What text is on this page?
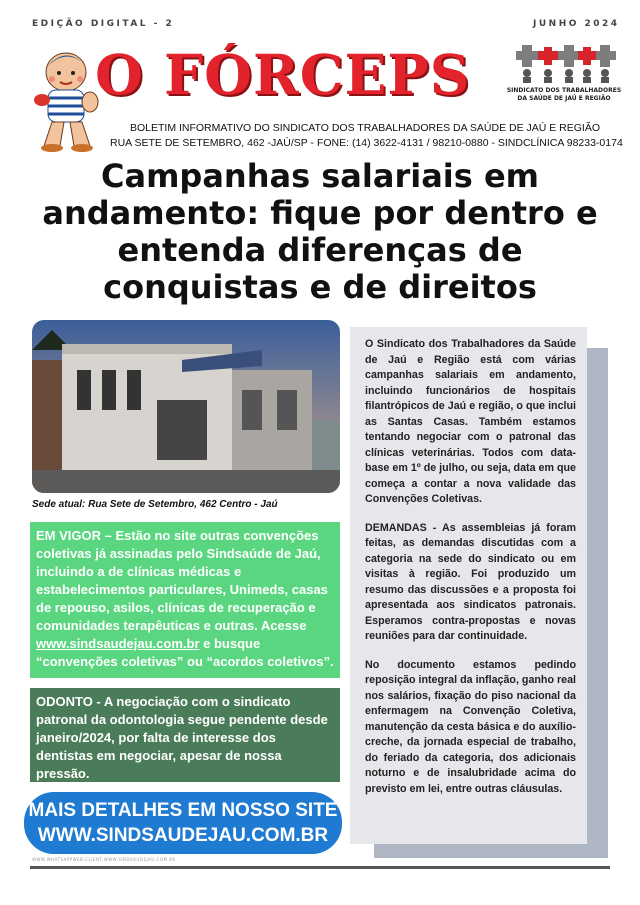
EDIÇÃO DIGITAL - 2	JUNHO 2024
O FÓRCEPS	SINDICATO DOS TRABALHADORES DA SAÚDE DE JAÚ E REGIÃO
BOLETIM INFORMATIVO DO SINDICATO DOS TRABALHADORES DA SAÚDE DE JAÚ E REGIÃO
RUA SETE DE SETEMBRO, 462 -JAÚ/SP - FONE: (14) 3622-4131 / 98210-0880 - SINDCLÍNICA 98233-0174
Campanhas salariais em andamento: fique por dentro e entenda diferenças de conquistas e de direitos
Sede atual: Rua Sete de Setembro, 462 Centro - Jaú
EM VIGOR – Estão no site outras convenções coletivas já assinadas pelo Sindsaúde de Jaú, incluindo a de clínicas médicas e estabelecimentos particulares, Unimeds, casas de repouso, asilos, clínicas de recuperação e comunidades terapêuticas e outras. Acesse www.sindsaudejau.com.br e busque “convenções coletivas” ou “acordos coletivos”.
ODONTO - A negociação com o sindicato patronal da odontologia segue pendente desde janeiro/2024, por falta de interesse dos dentistas em negociar, apesar de nossa pressão.
MAIS DETALHES EM NOSSO SITE
WWW.SINDSAUDEJAU.COM.BR
WWW.WHATSAPPWEB.CLIENT.WWW.SINDSAUDEJAU.COM.BR

O Sindicato dos Trabalhadores da Saúde de Jaú e Região está com várias campanhas salariais em andamento, incluindo funcionários de hospitais filantrópicos de Jaú e região, o que inclui as Santas Casas. Também estamos tentando negociar com o patronal das clínicas veterinárias. Todos com data-base em 1º de julho, ou seja, data em que começa a contar a nova validade das Convenções Coletivas.

DEMANDAS - As assembleias já foram feitas, as demandas discutidas com a categoria na sede do sindicato ou em visitas à região. Foi produzido um resumo das discussões e a proposta foi apresentada aos sindicatos patronais. Esperamos contra-propostas e novas reuniões para dar continuidade.

No documento estamos pedindo reposição integral da inflação, ganho real nos salários, fixação do piso nacional da enfermagem na Convenção Coletiva, manutenção da cesta básica e do auxílio-creche, da jornada especial de trabalho, do feriado da categoria, dos adicionais noturno e de insalubridade acima do previsto em lei, entre outras cláusulas.
